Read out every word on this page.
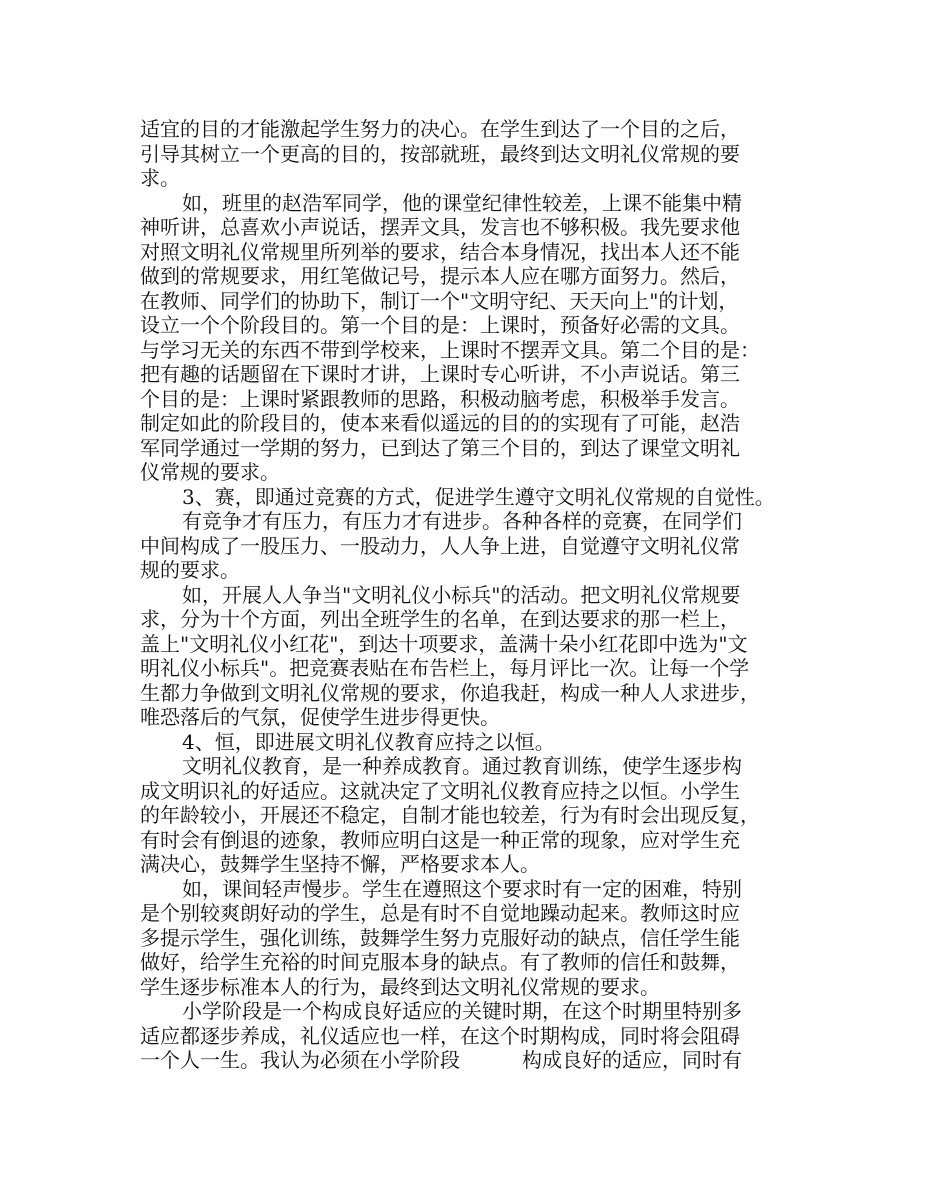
适宜的目的才能激起学生努力的决心。在学生到达了一个目的之后，
引导其树立一个更高的目的，按部就班，最终到达文明礼仪常规的要
求。
如，班里的赵浩军同学，他的课堂纪律性较差，上课不能集中精
神听讲，总喜欢小声说话，摆弄文具，发言也不够积极。我先要求他
对照文明礼仪常规里所列举的要求，结合本身情况，找出本人还不能
做到的常规要求，用红笔做记号，提示本人应在哪方面努力。然后，
在教师、同学们的协助下，制订一个"文明守纪、天天向上"的计划，
设立一个个阶段目的。第一个目的是：上课时，预备好必需的文具。
与学习无关的东西不带到学校来，上课时不摆弄文具。第二个目的是：
把有趣的话题留在下课时才讲，上课时专心听讲，不小声说话。第三
个目的是：上课时紧跟教师的思路，积极动脑考虑，积极举手发言。
制定如此的阶段目的，使本来看似遥远的目的的实现有了可能，赵浩
军同学通过一学期的努力，已到达了第三个目的，到达了课堂文明礼
仪常规的要求。
3、赛，即通过竞赛的方式，促进学生遵守文明礼仪常规的自觉性。
有竞争才有压力，有压力才有进步。各种各样的竞赛，在同学们
中间构成了一股压力、一股动力，人人争上进，自觉遵守文明礼仪常
规的要求。
如，开展人人争当"文明礼仪小标兵"的活动。把文明礼仪常规要
求，分为十个方面，列出全班学生的名单，在到达要求的那一栏上，
盖上"文明礼仪小红花"，到达十项要求，盖满十朵小红花即中选为"文
明礼仪小标兵"。把竞赛表贴在布告栏上，每月评比一次。让每一个学
生都力争做到文明礼仪常规的要求，你追我赶，构成一种人人求进步，
唯恐落后的气氛，促使学生进步得更快。
4、恒，即进展文明礼仪教育应持之以恒。
文明礼仪教育，是一种养成教育。通过教育训练，使学生逐步构
成文明识礼的好适应。这就决定了文明礼仪教育应持之以恒。小学生
的年龄较小，开展还不稳定，自制才能也较差，行为有时会出现反复，
有时会有倒退的迹象，教师应明白这是一种正常的现象，应对学生充
满决心，鼓舞学生坚持不懈，严格要求本人。
如，课间轻声慢步。学生在遵照这个要求时有一定的困难，特别
是个别较爽朗好动的学生，总是有时不自觉地躁动起来。教师这时应
多提示学生，强化训练，鼓舞学生努力克服好动的缺点，信任学生能
做好，给学生充裕的时间克服本身的缺点。有了教师的信任和鼓舞，
学生逐步标准本人的行为，最终到达文明礼仪常规的要求。
小学阶段是一个构成良好适应的关键时期，在这个时期里特别多
适应都逐步养成，礼仪适应也一样，在这个时期构成，同时将会阻碍
一个人一生。我认为必须在小学阶段	构成良好的适应，同时有
